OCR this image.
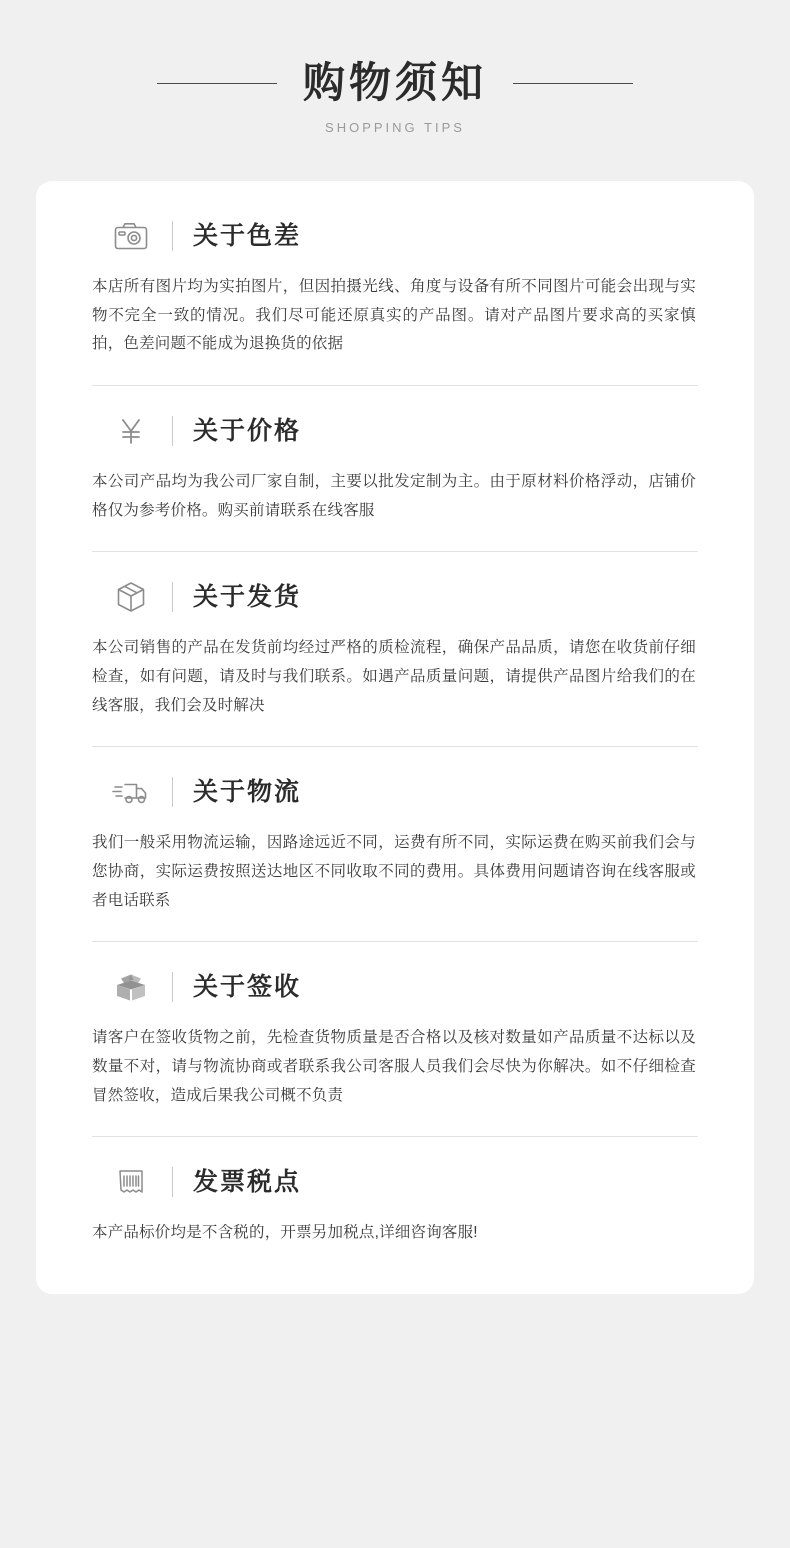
购物须知
SHOPPING TIPS
关于色差
本店所有图片均为实拍图片，但因拍摄光线、角度与设备有所不同图片可能会出现与实物不完全一致的情况。我们尽可能还原真实的产品图。请对产品图片要求高的买家慎拍，色差问题不能成为退换货的依据
关于价格
本公司产品均为我公司厂家自制，主要以批发定制为主。由于原材料价格浮动，店铺价格仅为参考价格。购买前请联系在线客服
关于发货
本公司销售的产品在发货前均经过严格的质检流程，确保产品品质，请您在收货前仔细检查，如有问题，请及时与我们联系。如遇产品质量问题，请提供产品图片给我们的在线客服，我们会及时解决
关于物流
我们一般采用物流运输，因路途远近不同，运费有所不同，实际运费在购买前我们会与您协商，实际运费按照送达地区不同收取不同的费用。具体费用问题请咨询在线客服或者电话联系
关于签收
请客户在签收货物之前，先检查货物质量是否合格以及核对数量如产品质量不达标以及数量不对，请与物流协商或者联系我公司客服人员我们会尽快为你解决。如不仔细检查冒然签收，造成后果我公司概不负责
发票税点
本产品标价均是不含税的，开票另加税点,详细咨询客服!
